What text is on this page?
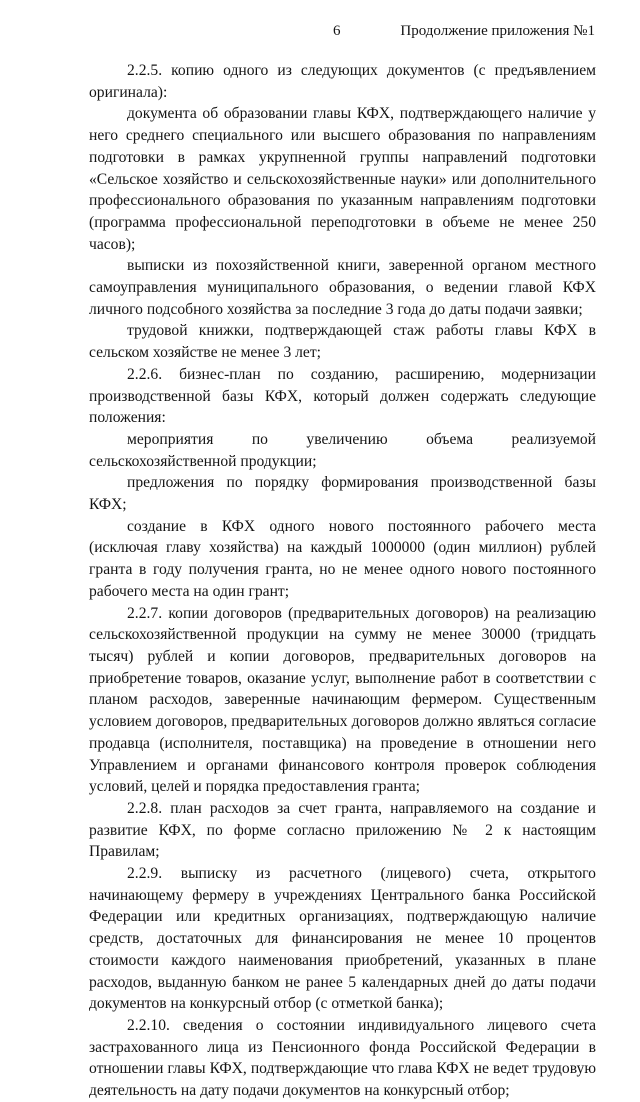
6	Продолжение приложения №1

2.2.5. копию одного из следующих документов (с предъявлением оригинала):

документа об образовании главы КФХ, подтверждающего наличие у него среднего специального или высшего образования по направлениям подготовки в рамках укрупненной группы направлений подготовки «Сельское хозяйство и сельскохозяйственные науки» или дополнительного профессионального образования по указанным направлениям подготовки (программа профессиональной переподготовки в объеме не менее 250 часов);

выписки из похозяйственной книги, заверенной органом местного самоуправления муниципального образования, о ведении главой КФХ личного подсобного хозяйства за последние 3 года до даты подачи заявки;

трудовой книжки, подтверждающей стаж работы главы КФХ в сельском хозяйстве не менее 3 лет;

2.2.6. бизнес-план по созданию, расширению, модернизации производственной базы КФХ, который должен содержать следующие положения:

мероприятия по увеличению объема реализуемой сельскохозяйственной продукции;

предложения по порядку формирования производственной базы КФХ;

создание в КФХ одного нового постоянного рабочего места (исключая главу хозяйства) на каждый 1000000 (один миллион) рублей гранта в году получения гранта, но не менее одного нового постоянного рабочего места на один грант;

2.2.7. копии договоров (предварительных договоров) на реализацию сельскохозяйственной продукции на сумму не менее 30000 (тридцать тысяч) рублей и копии договоров, предварительных договоров на приобретение товаров, оказание услуг, выполнение работ в соответствии с планом расходов, заверенные начинающим фермером. Существенным условием договоров, предварительных договоров должно являться согласие продавца (исполнителя, поставщика) на проведение в отношении него Управлением и органами финансового контроля проверок соблюдения условий, целей и порядка предоставления гранта;

2.2.8. план расходов за счет гранта, направляемого на создание и развитие КФХ, по форме согласно приложению № 2 к настоящим Правилам;

2.2.9. выписку из расчетного (лицевого) счета, открытого начинающему фермеру в учреждениях Центрального банка Российской Федерации или кредитных организациях, подтверждающую наличие средств, достаточных для финансирования не менее 10 процентов стоимости каждого наименования приобретений, указанных в плане расходов, выданную банком не ранее 5 календарных дней до даты подачи документов на конкурсный отбор (с отметкой банка);

2.2.10. сведения о состоянии индивидуального лицевого счета застрахованного лица из Пенсионного фонда Российской Федерации в отношении главы КФХ, подтверждающие что глава КФХ не ведет трудовую деятельность на дату подачи документов на конкурсный отбор;
